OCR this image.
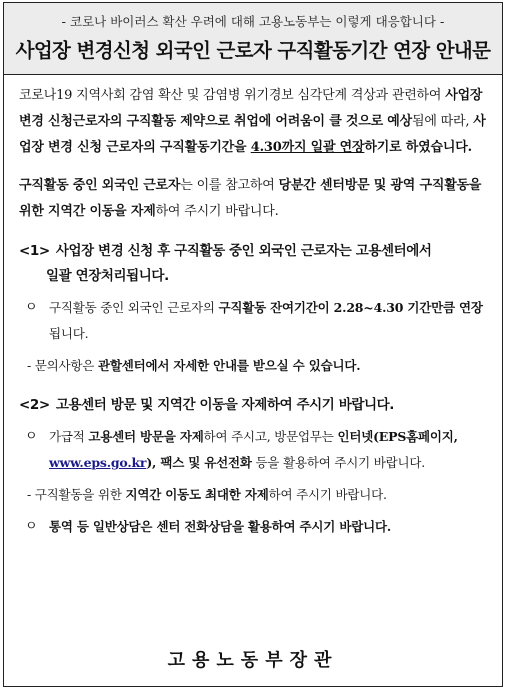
- 코로나 바이러스 확산 우려에 대해 고용노동부는 이렇게 대응합니다 -
사업장 변경신청 외국인 근로자 구직활동기간 연장 안내문

코로나19 지역사회 감염 확산 및 감염병 위기경보 심각단계 격상과 관련하여 사업장 변경 신청근로자의 구직활동 제약으로 취업에 어려움이 클 것으로 예상됨에 따라, 사업장 변경 신청 근로자의 구직활동기간을 4.30까지 일괄 연장하기로 하였습니다.

구직활동 중인 외국인 근로자는 이를 참고하여 당분간 센터방문 및 광역 구직활동을 위한 지역간 이동을 자제하여 주시기 바랍니다.

<1> 사업장 변경 신청 후 구직활동 중인 외국인 근로자는 고용센터에서
일괄 연장처리됩니다.
ㅇ 구직활동 중인 외국인 근로자의 구직활동 잔여기간이 2.28~4.30 기간만큼 연장됩니다.
- 문의사항은 관할센터에서 자세한 안내를 받으실 수 있습니다.
<2> 고용센터 방문 및 지역간 이동을 자제하여 주시기 바랍니다.
ㅇ 가급적 고용센터 방문을 자제하여 주시고, 방문업무는 인터넷(EPS홈페이지, www.eps.go.kr), 팩스 및 유선전화 등을 활용하여 주시기 바랍니다.
- 구직활동을 위한 지역간 이동도 최대한 자제하여 주시기 바랍니다.
ㅇ 통역 등 일반상담은 센터 전화상담을 활용하여 주시기 바랍니다.
고용노동부장관
